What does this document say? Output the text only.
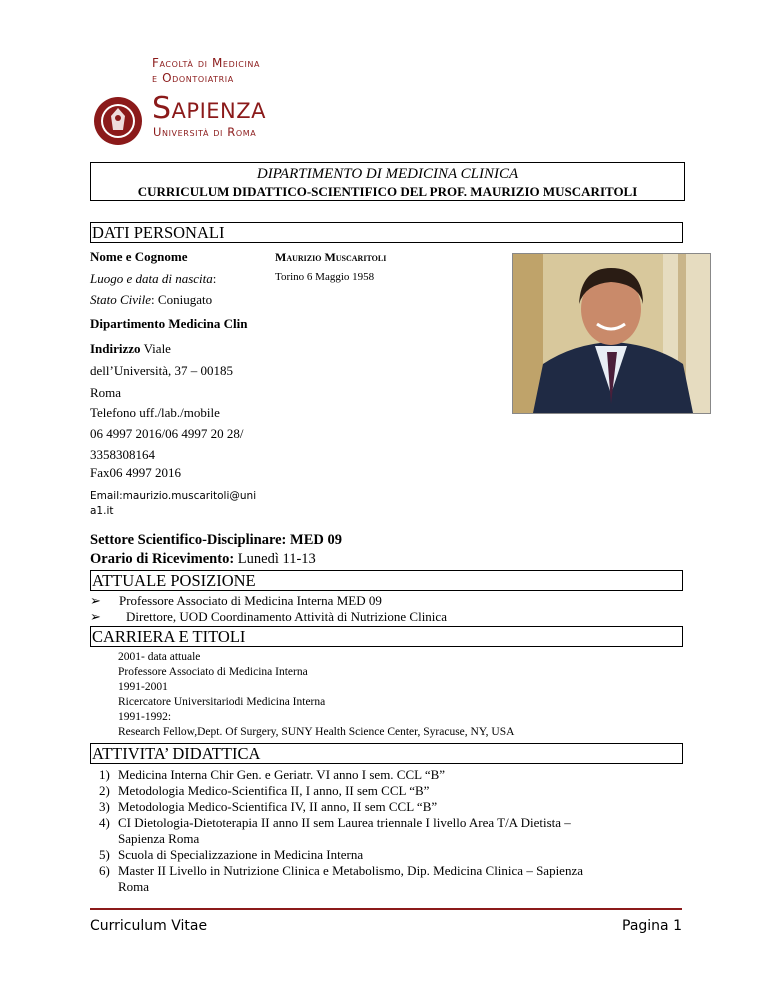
Facoltà di Medicina
e Odontoiatria
Sapienza
Università di Roma
DIPARTIMENTO DI MEDICINA CLINICA
CURRICULUM DIDATTICO-SCIENTIFICO DEL PROF. MAURIZIO MUSCARITOLI
DATI PERSONALI
Nome e Cognome	Maurizio Muscaritoli
Luogo e data di nascita:	Torino 6 Maggio 1958
Stato Civile: Coniugato
Dipartimento Medicina Clin
Indirizzo Viale
dell’Università, 37 – 00185
Roma
Telefono uff./lab./mobile
06 4997 2016/06 4997 20 28/
3358308164
Fax06 4997 2016
Email:maurizio.muscaritoli@uni
a1.it
Settore Scientifico-Disciplinare: MED 09
Orario di Ricevimento: Lunedì 11-13
ATTUALE POSIZIONE
➢ Professore Associato di Medicina Interna MED 09
➢ Direttore, UOD Coordinamento Attività di Nutrizione Clinica
CARRIERA E TITOLI
2001- data attuale
Professore Associato di Medicina Interna
1991-2001
Ricercatore Universitariodi Medicina Interna
1991-1992:
Research Fellow,Dept. Of Surgery, SUNY Health Science Center, Syracuse, NY, USA
ATTIVITA’ DIDATTICA
1) Medicina Interna Chir Gen. e Geriatr. VI anno I sem. CCL “B”
2) Metodologia Medico-Scientifica II, I anno, II sem CCL “B”
3) Metodologia Medico-Scientifica IV, II anno, II sem CCL “B”
4) CI Dietologia-Dietoterapia II anno II sem Laurea triennale I livello Area T/A Dietista –
Sapienza Roma
5) Scuola di Specializzazione in Medicina Interna
6) Master II Livello in Nutrizione Clinica e Metabolismo, Dip. Medicina Clinica – Sapienza
Roma
Curriculum Vitae	Pagina 1
